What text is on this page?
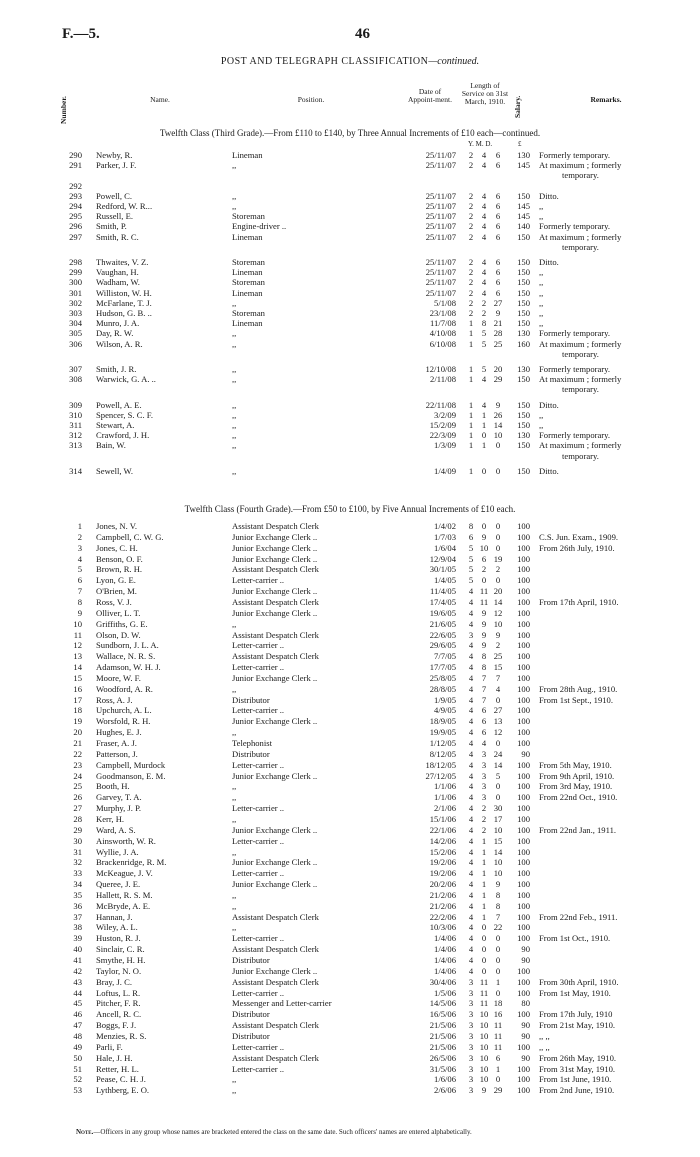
F.—5.	46
POST AND TELEGRAPH CLASSIFICATION—continued.
Number.	Name.	Position.
Date of Appoint-ment.
Length of Service on 31st March, 1910.	Salary.	Remarks.
Twelfth Class (Third Grade).—From £110 to £140, by Three Annual Increments of £10 each—continued.
Y. M. D.	£
290 Newby, R.	Lineman	25/11/07	2	4	6	130 Formerly temporary.
291 Parker, J. F.	,,	25/11/07	2	4	6	145 At maximum ; formerly
temporary.
292
293 Powell, C.	,,	25/11/07	2	4	6	150 Ditto.
294 Redford, W. R...	,,	25/11/07	2	4	6	145 ,,
295 Russell, E.	Storeman	25/11/07	2	4	6	145 ,,
296 Smith, P.	Engine-driver ..	25/11/07	2	4	6	140 Formerly temporary.
297 Smith, R. C.	Lineman	25/11/07	2	4	6	150 At maximum ; formerly
temporary.
298 Thwaites, V. Z.	Storeman	25/11/07	2	4	6	150 Ditto.
299 Vaughan, H.	Lineman	25/11/07	2	4	6	150 ,,
300 Wadham, W.	Storeman	25/11/07	2	4	6	150 ,,
301 Williston, W. H.	Lineman	25/11/07	2	4	6	150 ,,
302 McFarlane, T. J.	,,	5/1/08	2	2 27	150 ,,
303 Hudson, G. B. ..	Storeman	23/1/08	2	2	9	150 ,,
304 Munro, J. A.	Lineman	11/7/08	1	8 21	150 ,,
305 Day, R. W.	,,	4/10/08	1	5 28	130 Formerly temporary.
306 Wilson, A. R.	,,	6/10/08	1	5 25	160 At maximum ; formerly
temporary.
307 Smith, J. R.	,,	12/10/08	1	5 20	130 Formerly temporary.
308 Warwick, G. A. ..	,,	2/11/08	1	4 29	150 At maximum ; formerly
temporary.
309 Powell, A. E.	,,	22/11/08	1	4	9	150 Ditto.
310 Spencer, S. C. F.	,,	3/2/09	1	1 26	150 ,,
311 Stewart, A.	,,	15/2/09	1	1 14	150 ,,
312 Crawford, J. H.	,,	22/3/09	1	0 10	130 Formerly temporary.
313 Bain, W.	,,	1/3/09	1	1	0	150 At maximum ; formerly
temporary.
314 Sewell, W.	,,	1/4/09	1	0	0	150 Ditto.
Twelfth Class (Fourth Grade).—From £50 to £100, by Five Annual Increments of £10 each.
1 Jones, N. V.	Assistant Despatch Clerk	1/4/02	8	0	0	100
2 Campbell, C. W. G.	Junior Exchange Clerk ..	1/7/03	6	9	0	100 C.S. Jun. Exam., 1909.
3 Jones, C. H.	Junior Exchange Clerk ..	1/6/04	5 10 0	100 From 26th July, 1910.
4 Benson, O. F.	Junior Exchange Clerk ..	12/9/04	5	6 19	100
5 Brown, R. H.	Assistant Despatch Clerk	30/1/05	5	2	2	100
6 Lyon, G. E.	Letter-carrier ..	1/4/05	5	0	0	100
7 O'Brien, M.	Junior Exchange Clerk ..	11/4/05	4 11 20	100
8 Ross, V. J.	Assistant Despatch Clerk	17/4/05	4 11 14	100 From 17th April, 1910.
9 Olliver, L. T.	Junior Exchange Clerk ..	19/6/05	4	9 12	100
10 Griffiths, G. E.	,,	21/6/05	4	9 10	100
11 Olson, D. W.	Assistant Despatch Clerk	22/6/05	3	9	9	100
12 Sundborn, J. L. A.	Letter-carrier ..	29/6/05	4	9	2	100
13 Wallace, N. R. S.	Assistant Despatch Clerk	7/7/05	4	8 25	100
14 Adamson, W. H. J.	Letter-carrier ..	17/7/05	4	8 15	100
15 Moore, W. F.	Junior Exchange Clerk ..	25/8/05	4	7	7	100
16 Woodford, A. R.	,,	28/8/05	4	7	4	100 From 28th Aug., 1910.
17 Ross, A. J.	Distributor	1/9/05	4	7	0	100 From 1st Sept., 1910.
18 Upchurch, A. L.	Letter-carrier ..	4/9/05	4	6 27	100
19 Worsfold, R. H.	Junior Exchange Clerk ..	18/9/05	4	6 13	100
20 Hughes, E. J.	,,	19/9/05	4	6 12	100
21 Fraser, A. J.	Telephonist	1/12/05	4	4	0	100
22 Patterson, J.	Distributor	8/12/05	4	3 24	90
23 Campbell, Murdock	Letter-carrier ..	18/12/05	4	3 14	100 From 5th May, 1910.
24 Goodmanson, E. M.	Junior Exchange Clerk ..	27/12/05	4	3	5	100 From 9th April, 1910.
25 Booth, H.	,,	1/1/06	4	3	0	100 From 3rd May, 1910.
26 Garvey, T. A.	,,	1/1/06	4	3	0	100 From 22nd Oct., 1910.
27 Murphy, J. P.	Letter-carrier ..	2/1/06	4	2 30	100
28 Kerr, H.	,,	15/1/06	4	2 17	100
29 Ward, A. S.	Junior Exchange Clerk ..	22/1/06	4	2 10	100 From 22nd Jan., 1911.
30 Ainsworth, W. R.	Letter-carrier ..	14/2/06	4	1 15	100
31 Wyllie, J. A.	,,	15/2/06	4	1 14	100
32 Brackenridge, R. M.	Junior Exchange Clerk ..	19/2/06	4	1 10	100
33 McKeague, J. V.	Letter-carrier ..	19/2/06	4	1 10	100
34 Queree, J. E.	Junior Exchange Clerk ..	20/2/06	4	1	9	100
35 Hallett, R. S. M.	,,	21/2/06	4	1	8	100
36 McBryde, A. E.	,,	21/2/06	4	1	8	100
37 Hannan, J.	Assistant Despatch Clerk	22/2/06	4	1	7	100 From 22nd Feb., 1911.
38 Wiley, A. L.	,,	10/3/06	4	0 22	100
39 Huston, R. J.	Letter-carrier ..	1/4/06	4	0	0	100 From 1st Oct., 1910.
40 Sinclair, C. R.	Assistant Despatch Clerk	1/4/06	4	0	0	90
41 Smythe, H. H.	Distributor	1/4/06	4	0	0	90
42 Taylor, N. O.	Junior Exchange Clerk ..	1/4/06	4	0	0	100
43 Bray, J. C.	Assistant Despatch Clerk	30/4/06	3 11 1	100 From 30th April, 1910.
44 Loftus, L. R.	Letter-carrier ..	1/5/06	3 11 0	100 From 1st May, 1910.
45 Pitcher, F. R.	Messenger and Letter-carrier	14/5/06	3 11 18	80
46 Ancell, R. C.	Distributor	16/5/06	3 10 16	100 From 17th July, 1910
47 Boggs, F. J.	Assistant Despatch Clerk	21/5/06	3 10 11	90 From 21st May, 1910.
48 Menzies, R. S.	Distributor	21/5/06	3 10 11	90 ,, ,,
49 Parli, F.	Letter-carrier ..	21/5/06	3 10 11	100 ,, ,,
50 Hale, J. H.	Assistant Despatch Clerk	26/5/06	3 10 6	90 From 26th May, 1910.
51 Retter, H. L.	Letter-carrier ..	31/5/06	3 10 1	100 From 31st May, 1910.
52 Pease, C. H. J.	,,	1/6/06	3 10 0	100 From 1st June, 1910.
53 Lythberg, E. O.	,,	2/6/06	3	9 29	100 From 2nd June, 1910.
Note.—Officers in any group whose names are bracketed entered the class on the same date. Such officers' names are entered alphabetically.
